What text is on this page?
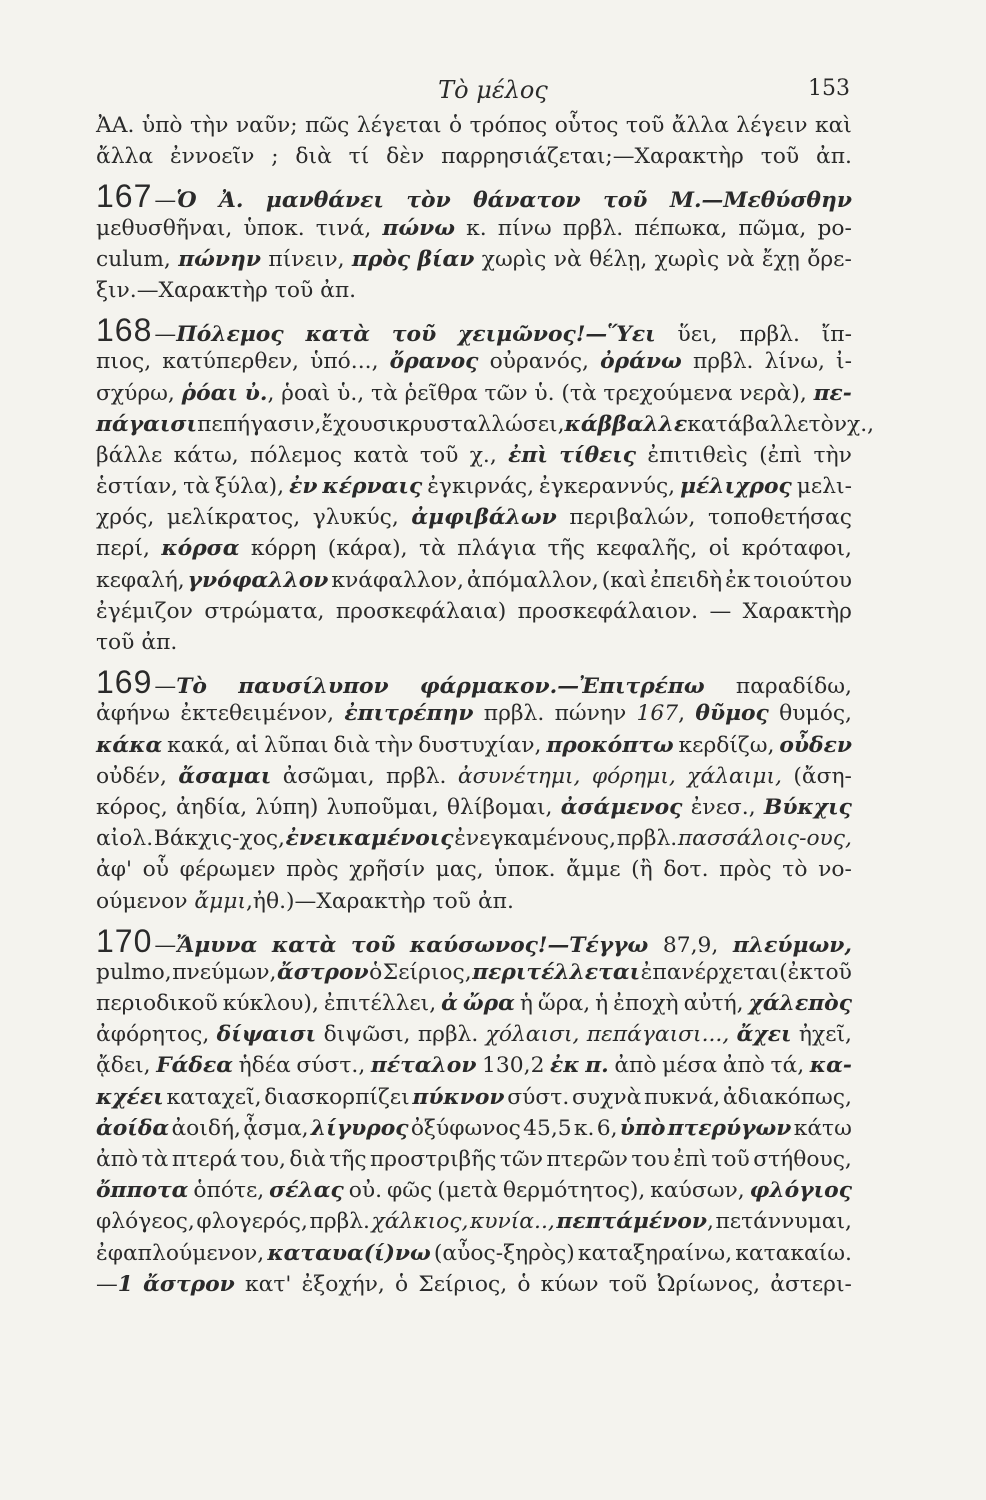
Τὸ μέλος	153
ἈΑ. ὑπὸ τὴν ναῦν; πῶς λέγεται ὁ τρόπος οὗτος τοῦ ἄλλα λέγειν καὶ
ἄλλα ἐννοεῖν ; διὰ τί δὲν παρρησιάζεται;—Χαρακτὴρ τοῦ ἀπ.
167—Ὁ Ἀ. μανθάνει τὸν θάνατον τοῦ Μ.—Μεθύσθην
μεθυσθῆναι, ὑποκ. τινά, πώνω κ. πίνω πρβλ. πέπωκα, πῶμα, po-
culum, πώνην πίνειν, πρὸς βίαν χωρὶς νὰ θέλῃ, χωρὶς νὰ ἔχῃ ὄρε-
ξιν.—Χαρακτὴρ τοῦ ἀπ.
168—Πόλεμος κατὰ τοῦ χειμῶνος!—Ὕει ὕει, πρβλ. ἴπ-
πιος, κατύπερθεν, ὑπό..., ὄρανος οὐρανός, ὀράνω πρβλ. λίνω, ἰ-
σχύρω, ῥόαι ὐ., ῥοαὶ ὑ., τὰ ῥεῖθρα τῶν ὑ. (τὰ τρεχούμενα νερὰ), πε-
πάγαισι πεπήγασιν, ἔχουσι κρυσταλλώσει, κάββαλλε κατάβαλλε τὸν χ.,
βάλλε κάτω, πόλεμος κατὰ τοῦ χ., ἐπὶ τίθεις ἐπιτιθεὶς (ἐπὶ τὴν
ἑστίαν, τὰ ξύλα), ἐν κέρναις ἐγκιρνάς, ἐγκεραννύς, μέλιχρος μελι-
χρός, μελίκρατος, γλυκύς, ἀμφιβάλων περιβαλών, τοποθετήσας
περί, κόρσα κόρρη (κάρα), τὰ πλάγια τῆς κεφαλῆς, οἱ κρόταφοι,
κεφαλή, γνόφαλλον κνάφαλλον, ἀπόμαλλον, (καὶ ἐπειδὴ ἐκ τοιούτου
ἐγέμιζον στρώματα, προσκεφάλαια) προσκεφάλαιον. — Χαρακτὴρ
τοῦ ἀπ.
169—Τὸ παυσίλυπον φάρμακον.—Ἐπιτρέπω παραδίδω,
ἀφήνω ἐκτεθειμένον, ἐπιτρέπην πρβλ. πώνην 167, θῦμος θυμός,
κάκα κακά, αἱ λῦπαι διὰ τὴν δυστυχίαν, προκόπτω κερδίζω, οὖδεν
οὐδέν, ἄσαμαι ἀσῶμαι, πρβλ. ἀσυνέτημι, φόρημι, χάλαιμι, (ἄση-
κόρος, ἀηδία, λύπη) λυποῦμαι, θλίβομαι, ἀσάμενος ἐνεσ., Βύκχις
αἰολ. Βάκχις-χος, ἐνεικαμένοις ἐνεγκαμένους, πρβλ. πασσάλοις-ους,
ἀφ' οὗ φέρωμεν πρὸς χρῆσίν μας, ὑποκ. ἄμμε (ἢ δοτ. πρὸς τὸ νο-
ούμενον ἄμμι ,ἠθ.)—Χαρακτὴρ τοῦ ἀπ.
170—Ἄμυνα κατὰ τοῦ καύσωνος!—Τέγγω 87,9, πλεύμων,
pulmo, πνεύμων, ἄστρον ὁ Σείριος, περιτέλλεται ἐπανέρχεται (ἐκ τοῦ
περιοδικοῦ κύκλου), ἐπιτέλλει, ἀ ὤρα ἡ ὥρα, ἡ ἐποχὴ αὐτή, χάλεπὸς
ἀφόρητος, δίψαισι διψῶσι, πρβλ. χόλαισι, πεπάγαισι..., ἄχει ἠχεῖ,
ᾄδει, Ϝάδεα ἡδέα σύστ., πέταλον 130,2 ἐκ π. ἀπὸ μέσα ἀπὸ τά, κα-
κχέει καταχεῖ, διασκορπίζει πύκνον σύστ. συχνὰ πυκνά, ἀδιακόπως,
ἀοίδα ἀοιδή, ᾆσμα, λίγυρος ὀξύφωνος 45,5 κ. 6, ὑπὸ πτερύγων κάτω
ἀπὸ τὰ πτερά του, διὰ τῆς προστριβῆς τῶν πτερῶν του ἐπὶ τοῦ στήθους,
ὄπποτα ὁπότε, σέλας οὐ. φῶς (μετὰ θερμότητος), καύσων, φλόγιος
φλόγεος, φλογερός, πρβλ. χάλκιος, κυνία.., πεπτάμένον, πετάννυμαι,
ἐφαπλούμενον, καταυα(ί)νω (αὖος-ξηρὸς) καταξηραίνω, κατακαίω.
—1 ἄστρον κατ' ἐξοχήν, ὁ Σείριος, ὁ κύων τοῦ Ὠρίωνος, ἀστερι-
